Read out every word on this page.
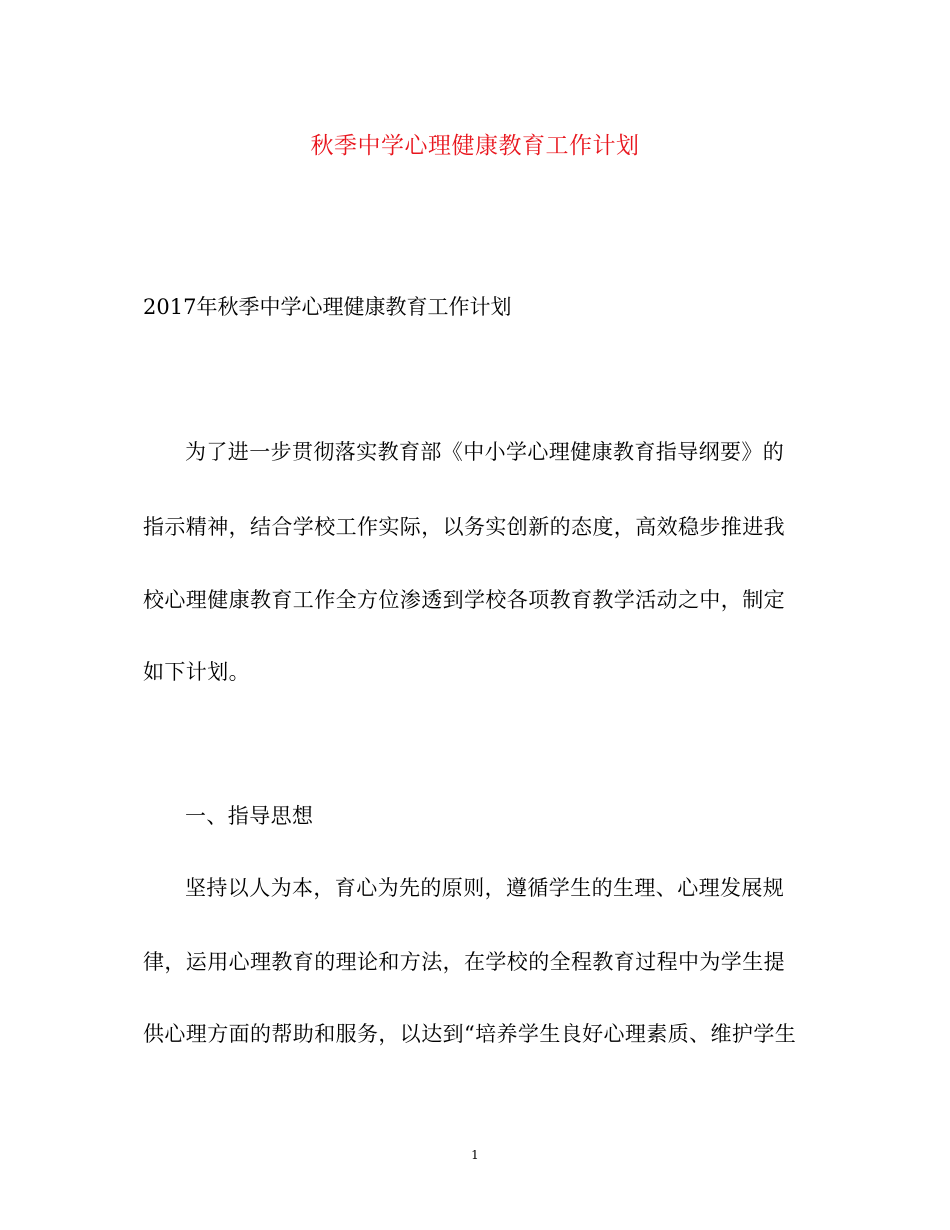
秋季中学心理健康教育工作计划
2017年秋季中学心理健康教育工作计划
为了进一步贯彻落实教育部《中小学心理健康教育指导纲要》的
指示精神，结合学校工作实际，以务实创新的态度，高效稳步推进我
校心理健康教育工作全方位渗透到学校各项教育教学活动之中，制定
如下计划。
一、指导思想
坚持以人为本，育心为先的原则，遵循学生的生理、心理发展规
律，运用心理教育的理论和方法，在学校的全程教育过程中为学生提
供心理方面的帮助和服务，以达到“培养学生良好心理素质、维护学生
1
